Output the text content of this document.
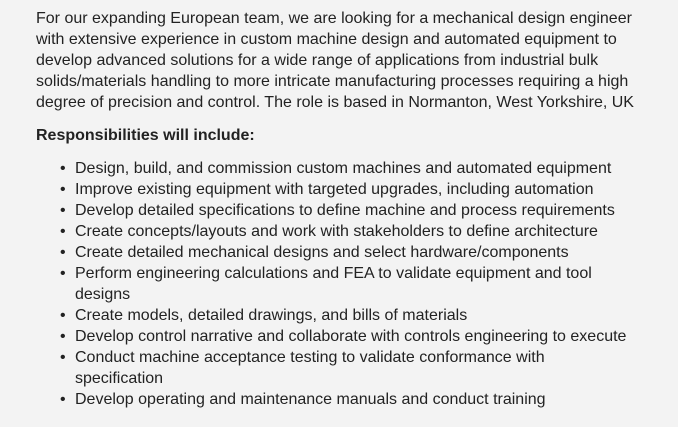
For our expanding European team, we are looking for a mechanical design engineer with extensive experience in custom machine design and automated equipment to develop advanced solutions for a wide range of applications from industrial bulk solids/materials handling to more intricate manufacturing processes requiring a high degree of precision and control. The role is based in Normanton, West Yorkshire, UK

Responsibilities will include:
• Design, build, and commission custom machines and automated equipment
• Improve existing equipment with targeted upgrades, including automation
• Develop detailed specifications to define machine and process requirements
• Create concepts/layouts and work with stakeholders to define architecture
• Create detailed mechanical designs and select hardware/components
• Perform engineering calculations and FEA to validate equipment and tool designs
• Create models, detailed drawings, and bills of materials
• Develop control narrative and collaborate with controls engineering to execute
• Conduct machine acceptance testing to validate conformance with specification
• Develop operating and maintenance manuals and conduct training
